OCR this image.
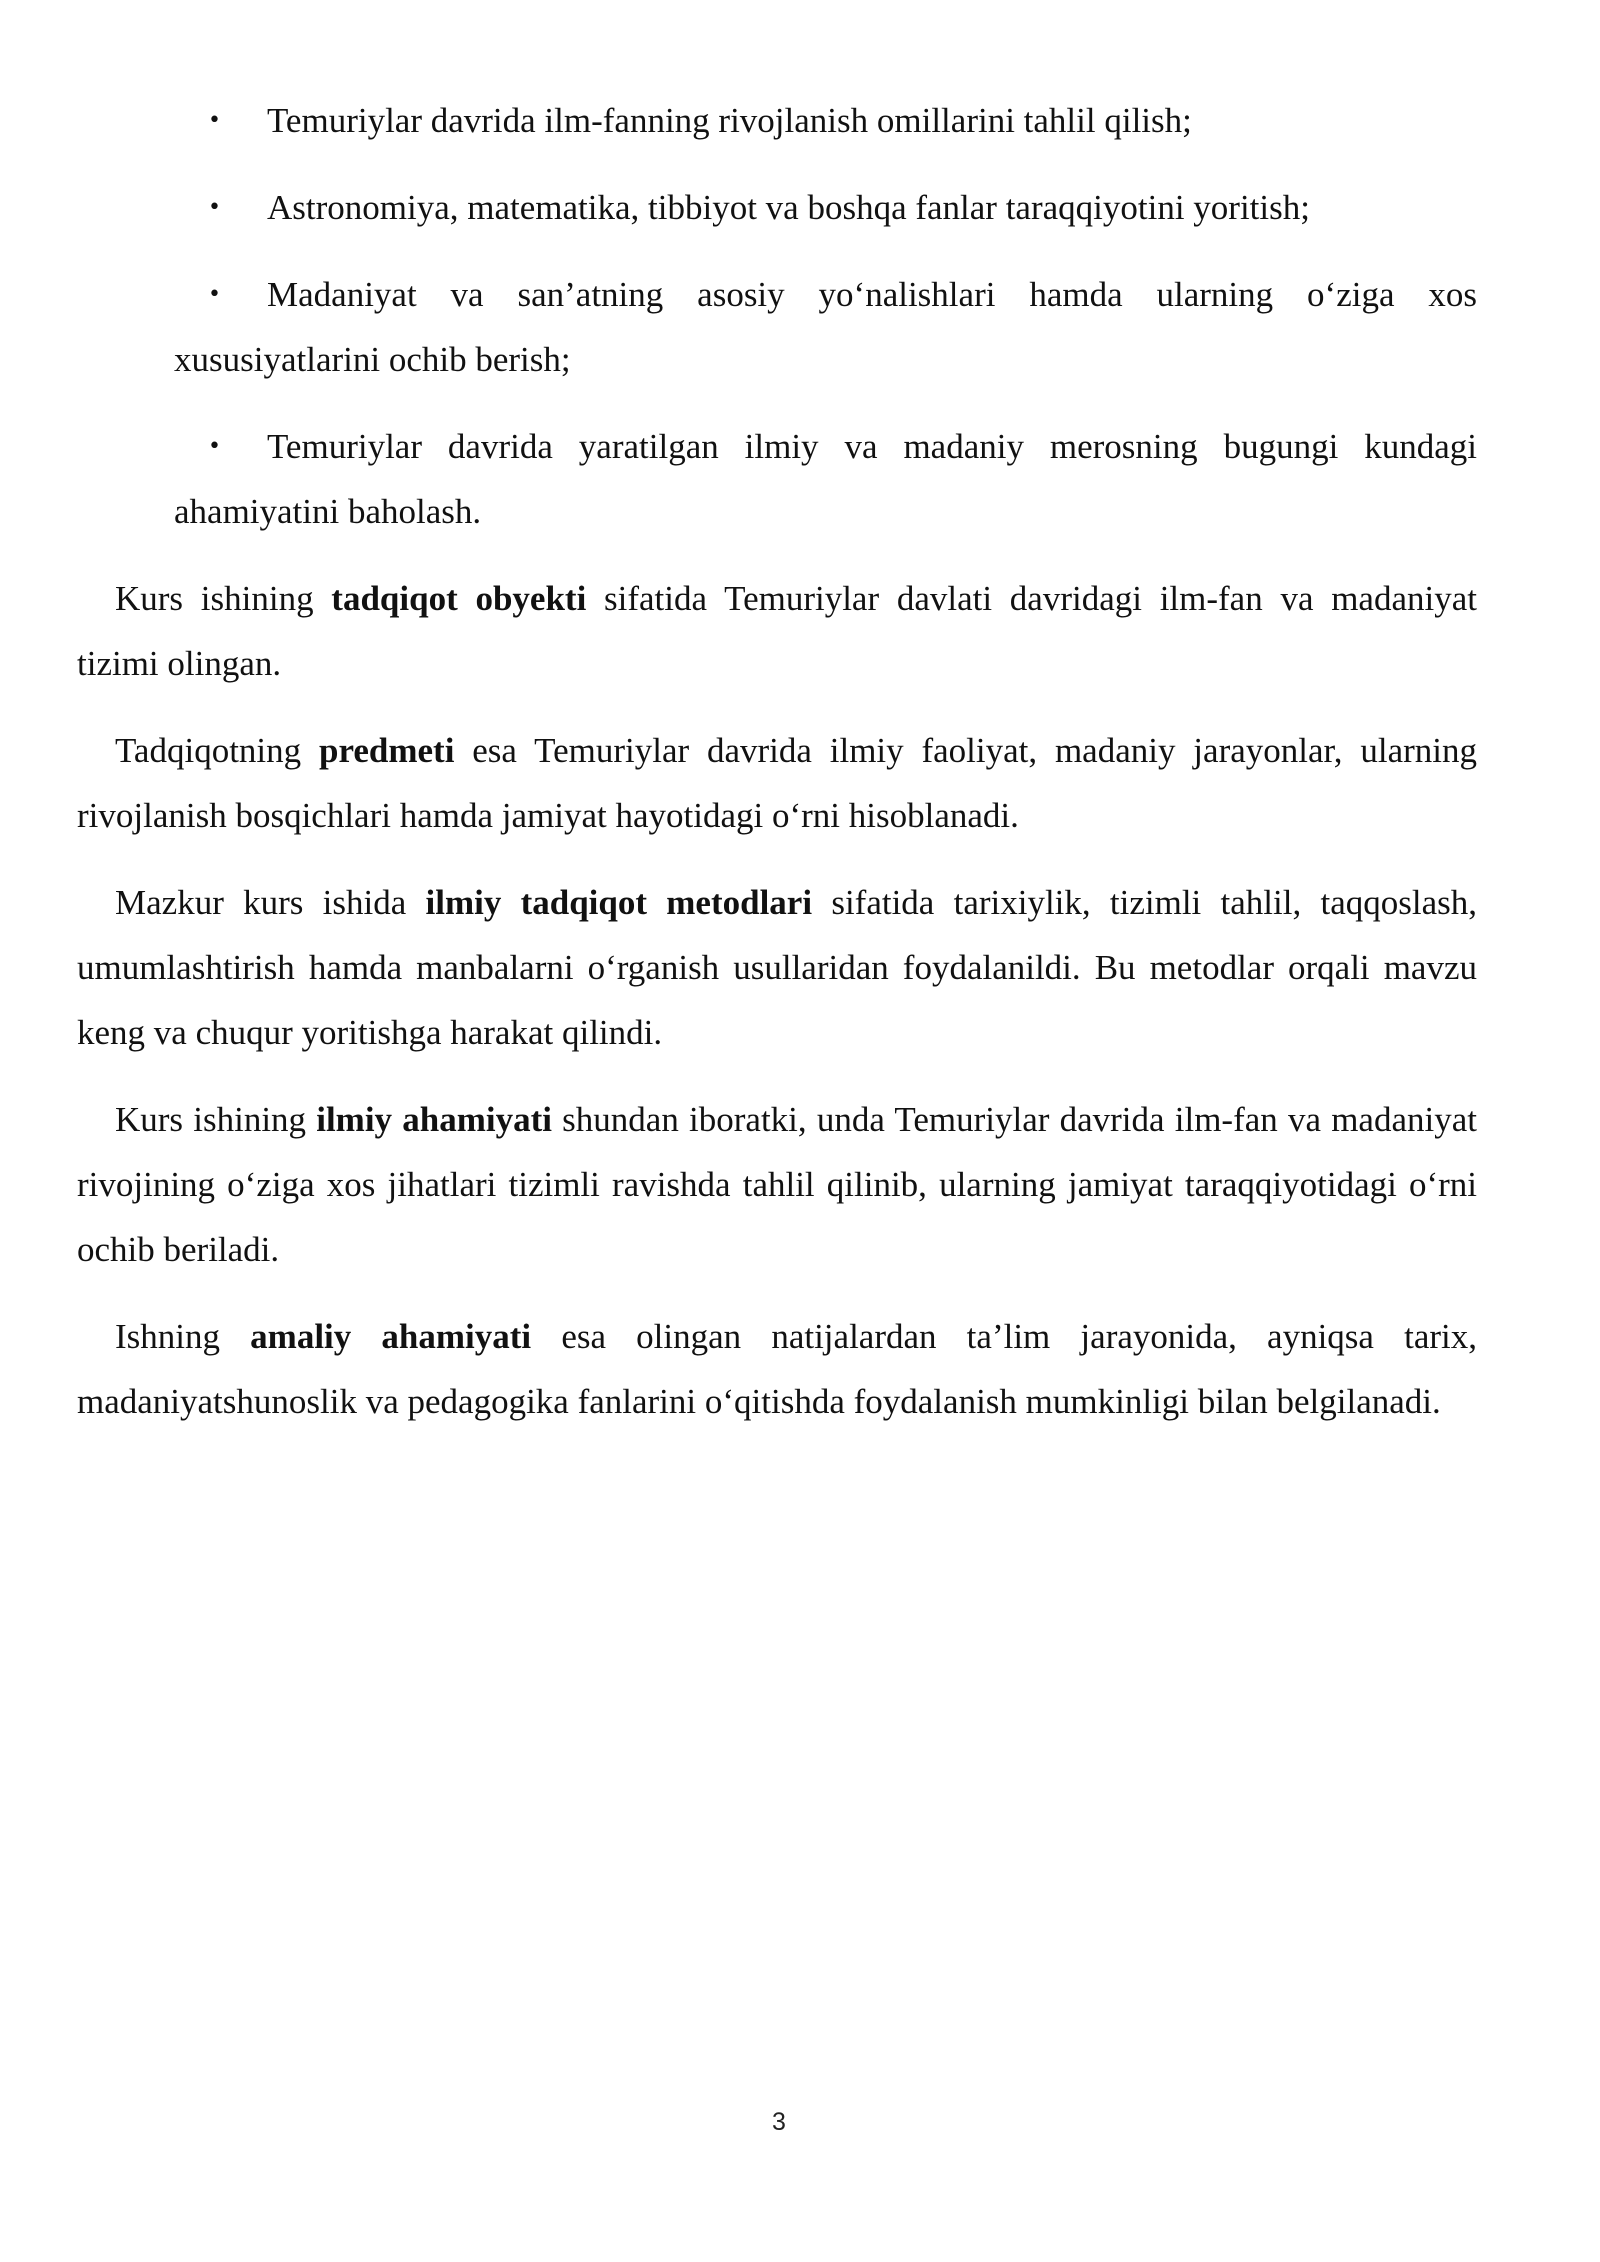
•	Temuriylar davrida ilm-fanning rivojlanish omillarini tahlil qilish;
•	Astronomiya, matematika, tibbiyot va boshqa fanlar taraqqiyotini yoritish;
•	Madaniyat va san’atning asosiy yo‘nalishlari hamda ularning o‘ziga xos xususiyatlarini ochib berish;
•	Temuriylar davrida yaratilgan ilmiy va madaniy merosning bugungi kundagi ahamiyatini baholash.

Kurs ishining tadqiqot obyekti sifatida Temuriylar davlati davridagi ilm-fan va madaniyat tizimi olingan.

Tadqiqotning predmeti esa Temuriylar davrida ilmiy faoliyat, madaniy jarayonlar, ularning rivojlanish bosqichlari hamda jamiyat hayotidagi o‘rni hisoblanadi.

Mazkur kurs ishida ilmiy tadqiqot metodlari sifatida tarixiylik, tizimli tahlil, taqqoslash, umumlashtirish hamda manbalarni o‘rganish usullaridan foydalanildi. Bu metodlar orqali mavzu keng va chuqur yoritishga harakat qilindi.

Kurs ishining ilmiy ahamiyati shundan iboratki, unda Temuriylar davrida ilm-fan va madaniyat rivojining o‘ziga xos jihatlari tizimli ravishda tahlil qilinib, ularning jamiyat taraqqiyotidagi o‘rni ochib beriladi.

Ishning amaliy ahamiyati esa olingan natijalardan ta’lim jarayonida, ayniqsa tarix, madaniyatshunoslik va pedagogika fanlarini o‘qitishda foydalanish mumkinligi bilan belgilanadi.

3
